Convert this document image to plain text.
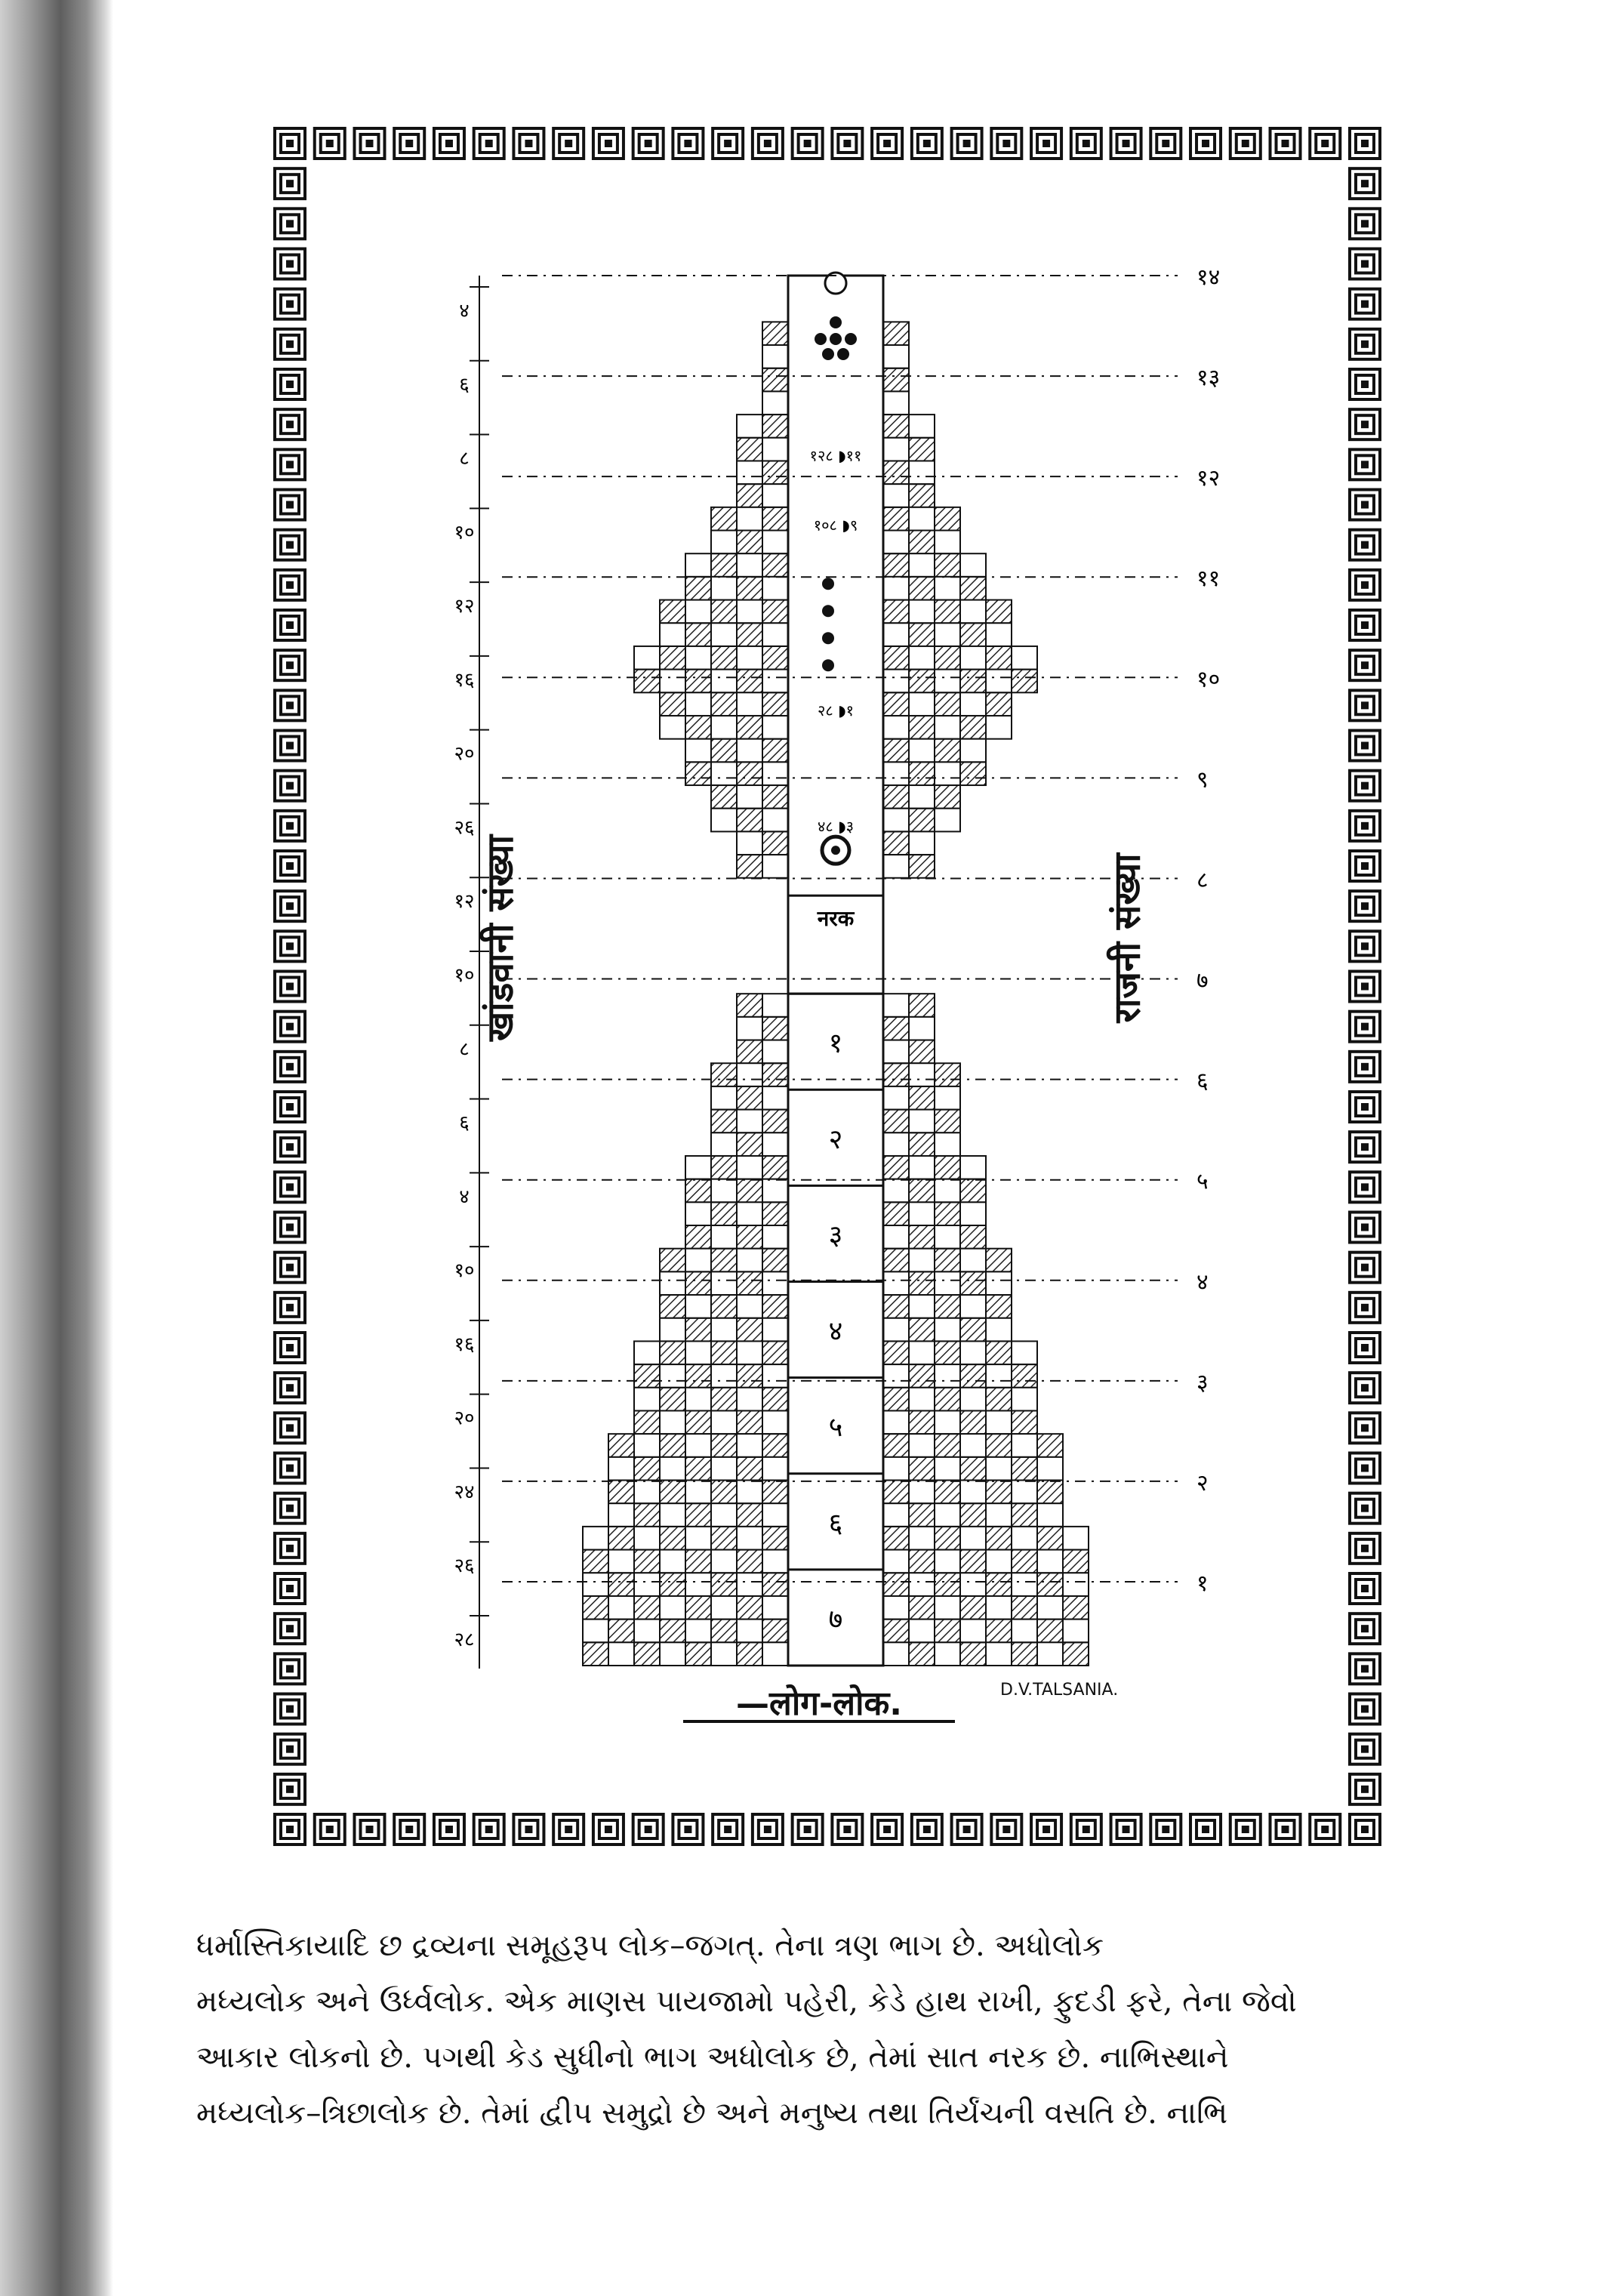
१
२
३
४
५
६
७
नरक
४८ ◗३
२८ ◗१
१०८ ◗९
१२८ ◗११
१४
१३
१२
११
१०
९
८
७
६
५
४
३
२
१
४
६
८
१०
१२
१६
२०
२६
१२
१०
८
६
४
१०
१६
२०
२४
२६
२८
खांडवानी संख्या	राजनी संख्या
—लोग-लोक.	D.V.TALSANIA.

ધર્માસ્તિકાયાદિ છ દ્રવ્યના સમૂહરૂપ લોક–જગત્. તેના ત્રણ ભાગ છે. અધોલોક

મધ્યલોક અને ઉર્ધ્વલોક. એક માણસ પાયજામો પહેરી, કેડે હાથ રાખી, ફુદડી ફરે, તેના જેવો

આકાર લોકનો છે. પગથી કેડ સુધીનો ભાગ અધોલોક છે, તેમાં સાત નરક છે. નાભિસ્થાને

મધ્યલોક–ત્રિછાલોક છે. તેમાં દ્વીપ સમુદ્રો છે અને મનુષ્ય તથા તિર્યંચની વસતિ છે. નાભિ
